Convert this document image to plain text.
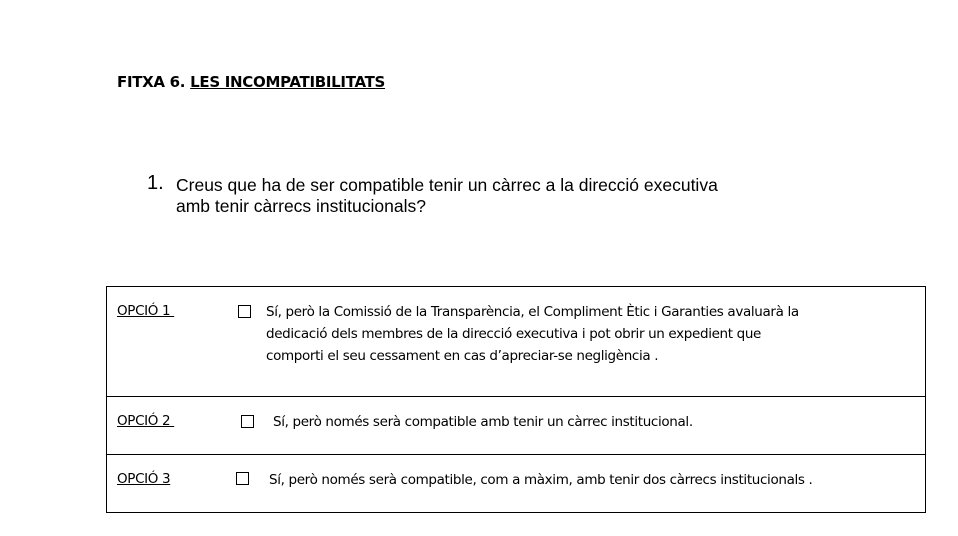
FITXA 6. LES INCOMPATIBILITATS
1. Creus que ha de ser compatible tenir un càrrec a la direcció executiva
amb tenir càrrecs institucionals?
OPCIÓ 1	Sí, però la Comissió de la Transparència, el Compliment Ètic i Garanties avaluarà la
dedicació dels membres de la direcció executiva i pot obrir un expedient que
comporti el seu cessament en cas d’apreciar-se negligència .
OPCIÓ 2	Sí, però només serà compatible amb tenir un càrrec institucional.
OPCIÓ 3	Sí, però només serà compatible, com a màxim, amb tenir dos càrrecs institucionals .
